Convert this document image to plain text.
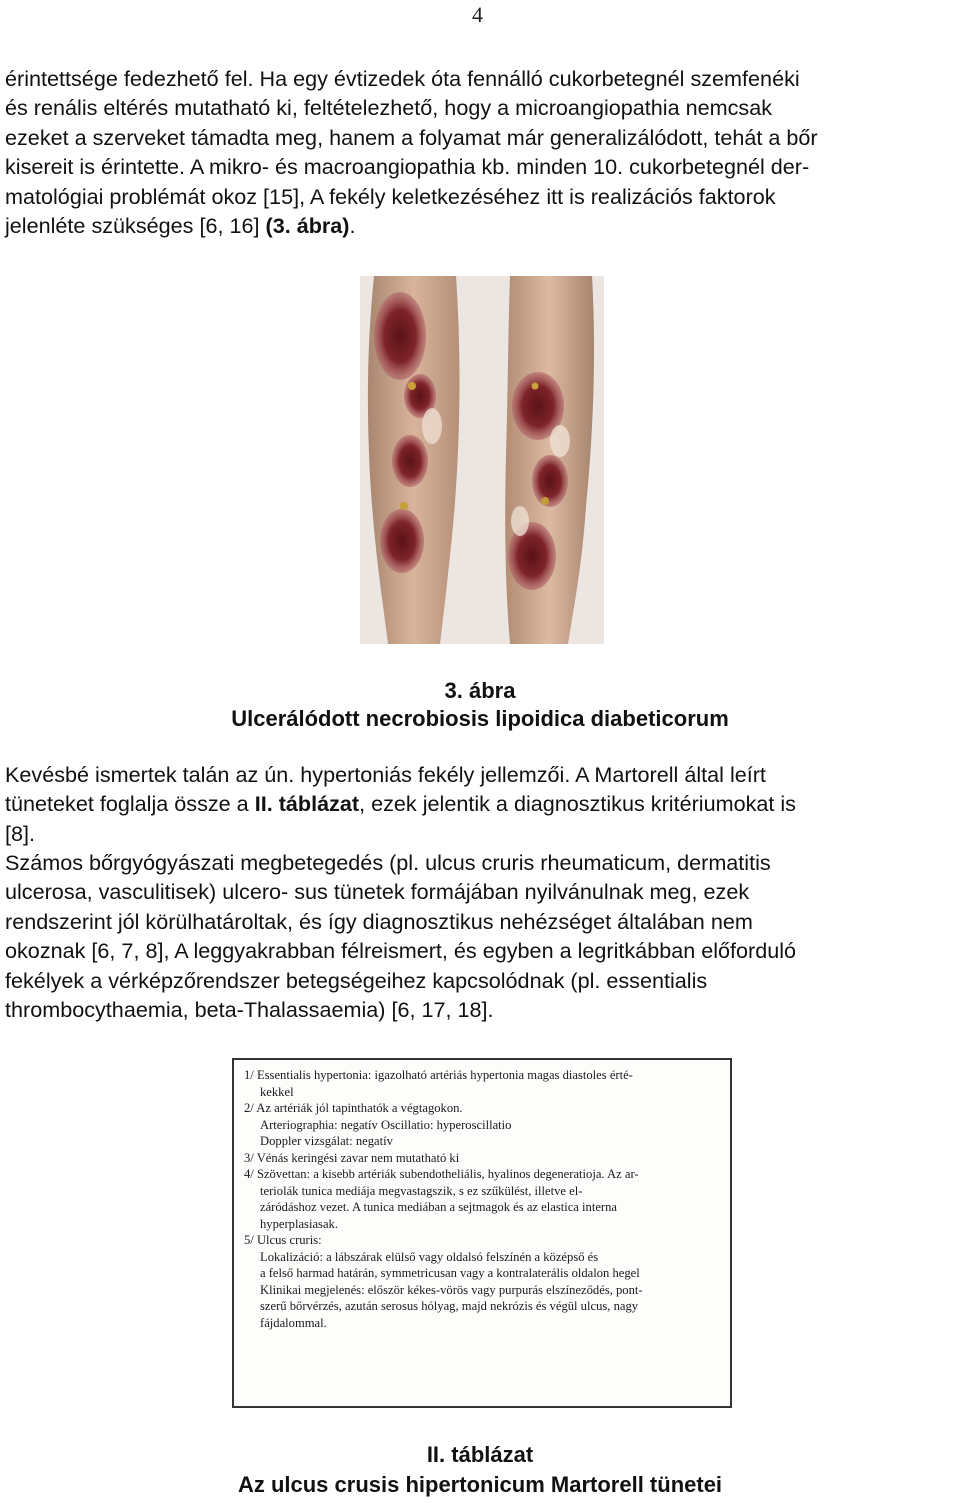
4

érintettsége fedezhető fel. Ha egy évtizedek óta fennálló cukorbetegnél szemfenéki
és renális eltérés mutatható ki, feltételezhető, hogy a microangiopathia nemcsak
ezeket a szerveket támadta meg, hanem a folyamat már generalizálódott, tehát a bőr
kisereit is érintette. A mikro- és macroangiopathia kb. minden 10. cukorbetegnél der-
matológiai problémát okoz [15], A fekély keletkezéséhez itt is realizációs faktorok
jelenléte szükséges [6, 16] (3. ábra).

3. ábra
Ulcerálódott necrobiosis lipoidica diabeticorum

Kevésbé ismertek talán az ún. hypertoniás fekély jellemzői. A Martorell által leírt
tüneteket foglalja össze a II. táblázat, ezek jelentik a diagnosztikus kritériumokat is
[8].

Számos bőrgyógyászati megbetegedés (pl. ulcus cruris rheumaticum, dermatitis
ulcerosa, vasculitisek) ulcero- sus tünetek formájában nyilvánulnak meg, ezek
rendszerint jól körülhatároltak, és így diagnosztikus nehézséget általában nem
okoznak [6, 7, 8], A leggyakrabban félreismert, és egyben a legritkábban előforduló
fekélyek a vérképzőrendszer betegségeihez kapcsolódnak (pl. essentialis
thrombocythaemia, beta-Thalassaemia) [6, 17, 18].

1/ Essentialis hypertonia: igazolható artériás hypertonia magas diastoles érté-
kekkel
2/ Az artériák jól tapinthatók a végtagokon.
Arteriographia: negatív Oscillatio: hyperoscillatio
Doppler vizsgálat: negatív
3/ Vénás keringési zavar nem mutatható ki
4/ Szövettan: a kisebb artériák subendotheliális, hyalinos degeneratioja. Az ar-
teriolák tunica mediája megvastagszik, s ez szűkülést, illetve el-
záródáshoz vezet. A tunica mediában a sejtmagok és az elastica interna
hyperplasiasak.
5/ Ulcus cruris:
Lokalizáció: a lábszárak elülső vagy oldalsó felszínén a középső és
a felső harmad határán, symmetricusan vagy a kontralaterális oldalon hegel
Klinikai megjelenés: először kékes-vörös vagy purpurás elszíneződés, pont-
szerű bőrvérzés, azután serosus hólyag, majd nekrózis és végül ulcus, nagy
fájdalommal.
II. táblázat
Az ulcus crusis hipertonicum Martorell tünetei
